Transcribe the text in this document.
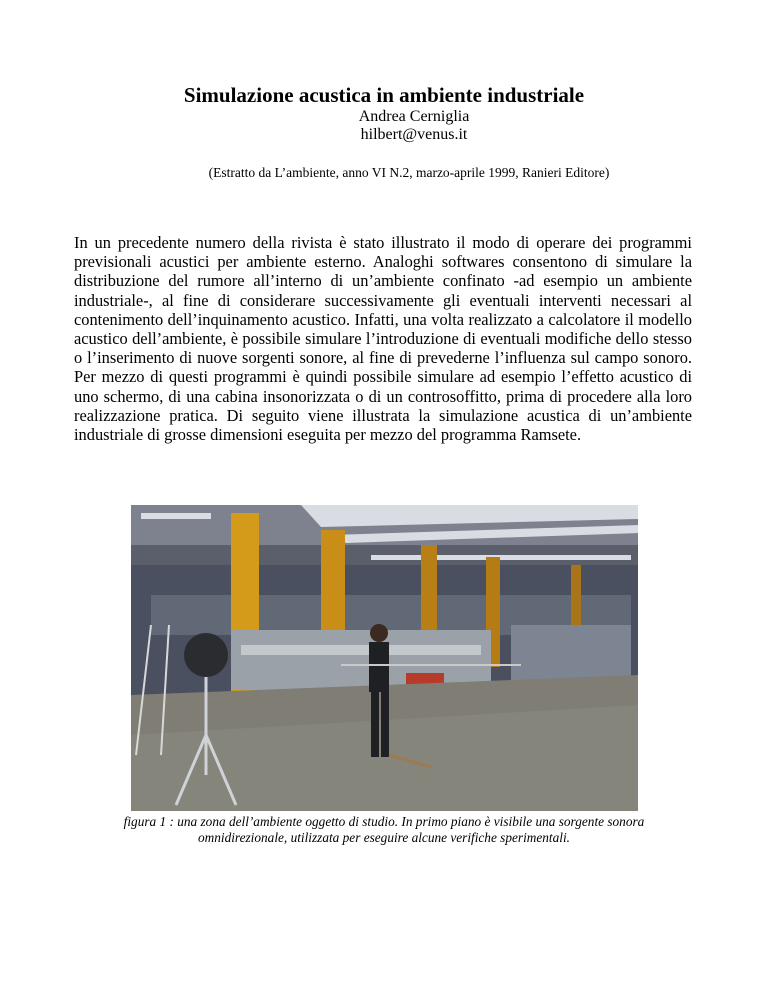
Simulazione acustica in ambiente industriale
Andrea Cerniglia
hilbert@venus.it
(Estratto da L’ambiente, anno VI N.2, marzo-aprile 1999, Ranieri Editore)
In un precedente numero della rivista è stato illustrato il modo di operare dei programmi previsionali acustici per ambiente esterno. Analoghi softwares consentono di simulare la distribuzione del rumore all’interno di un’ambiente confinato -ad esempio un ambiente industriale-, al fine di considerare successivamente gli eventuali interventi necessari al contenimento dell’inquinamento acustico. Infatti, una volta realizzato a calcolatore il modello acustico dell’ambiente, è possibile simulare l’introduzione di eventuali modifiche dello stesso o l’inserimento di nuove sorgenti sonore, al fine di prevederne l’influenza sul campo sonoro. Per mezzo di questi programmi è quindi possibile simulare ad esempio l’effetto acustico di uno schermo, di una cabina insonorizzata o di un controsoffitto, prima di procedere alla loro realizzazione pratica. Di seguito viene illustrata la simulazione acustica di un’ambiente industriale di grosse dimensioni eseguita per mezzo del programma Ramsete.
figura 1 : una zona dell’ambiente oggetto di studio. In primo piano è visibile una sorgente sonora
omnidirezionale, utilizzata per eseguire alcune verifiche sperimentali.
